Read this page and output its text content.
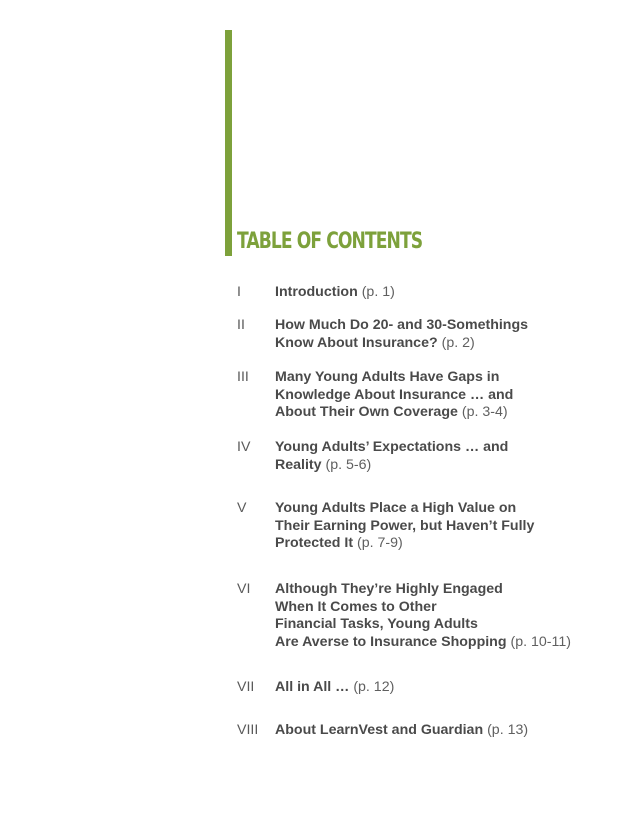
TABLE OF CONTENTS
I	Introduction (p. 1)
II	How Much Do 20- and 30-Somethings
Know About Insurance? (p. 2)
III	Many Young Adults Have Gaps in
Knowledge About Insurance … and
About Their Own Coverage (p. 3-4)
IV	Young Adults’ Expectations … and
Reality (p. 5-6)
V	Young Adults Place a High Value on
Their Earning Power, but Haven’t Fully
Protected It (p. 7-9)
VI	Although They’re Highly Engaged
When It Comes to Other
Financial Tasks, Young Adults
Are Averse to Insurance Shopping (p. 10-11)
VII	All in All … (p. 12)
VIII	About LearnVest and Guardian (p. 13)
